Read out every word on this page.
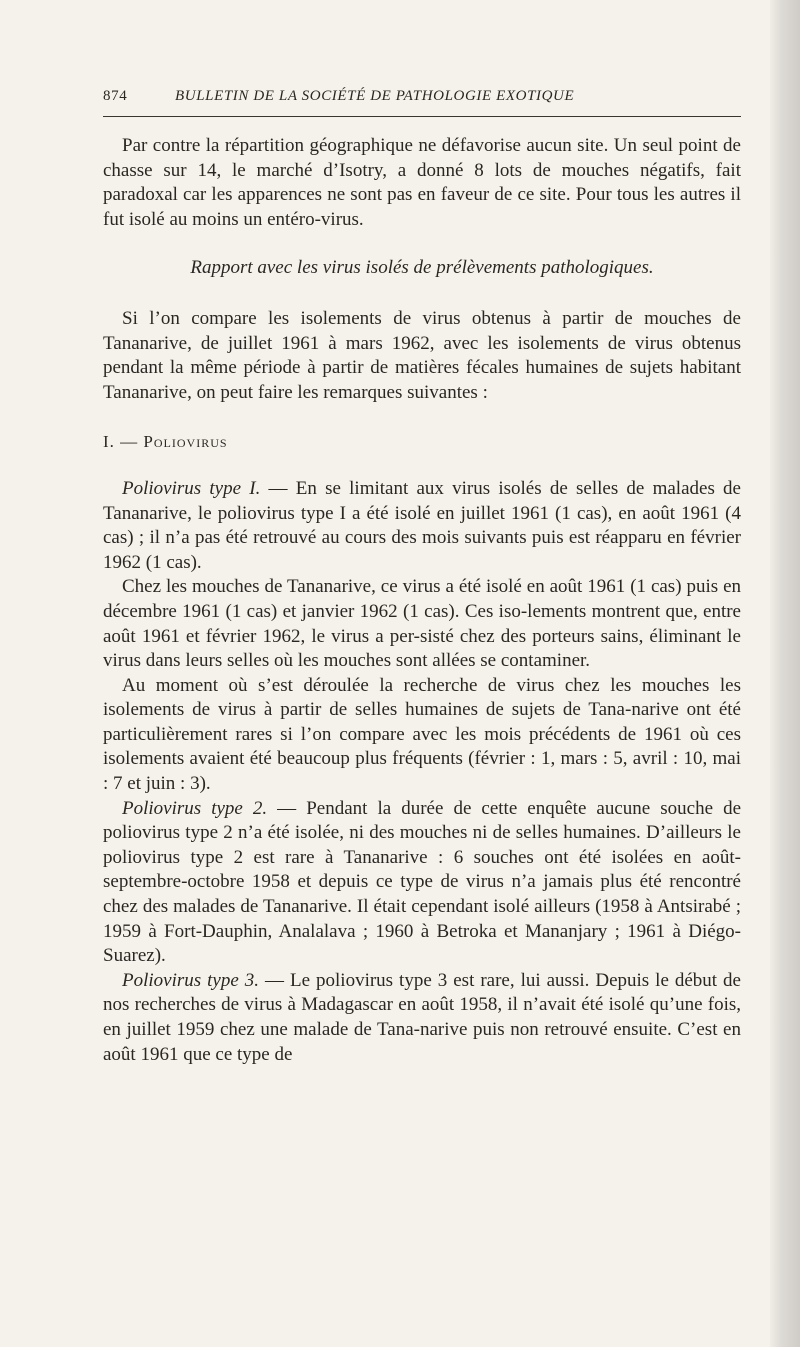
874	BULLETIN DE LA SOCIÉTÉ DE PATHOLOGIE EXOTIQUE

Par contre la répartition géographique ne défavorise aucun site. Un seul point de chasse sur 14, le marché d’Isotry, a donné 8 lots de mouches négatifs, fait paradoxal car les apparences ne sont pas en faveur de ce site. Pour tous les autres il fut isolé au moins un entéro-virus.

Rapport avec les virus isolés de prélèvements pathologiques.

Si l’on compare les isolements de virus obtenus à partir de mouches de Tananarive, de juillet 1961 à mars 1962, avec les isolements de virus obtenus pendant la même période à partir de matières fécales humaines de sujets habitant Tananarive, on peut faire les remarques suivantes :

I. — Poliovirus

Poliovirus type I. — En se limitant aux virus isolés de selles de malades de Tananarive, le poliovirus type I a été isolé en juillet 1961 (1 cas), en août 1961 (4 cas) ; il n’a pas été retrouvé au cours des mois suivants puis est réapparu en février 1962 (1 cas).

Chez les mouches de Tananarive, ce virus a été isolé en août 1961 (1 cas) puis en décembre 1961 (1 cas) et janvier 1962 (1 cas). Ces iso-lements montrent que, entre août 1961 et février 1962, le virus a per-sisté chez des porteurs sains, éliminant le virus dans leurs selles où les mouches sont allées se contaminer.

Au moment où s’est déroulée la recherche de virus chez les mouches les isolements de virus à partir de selles humaines de sujets de Tana-narive ont été particulièrement rares si l’on compare avec les mois précédents de 1961 où ces isolements avaient été beaucoup plus fréquents (février : 1, mars : 5, avril : 10, mai : 7 et juin : 3).

Poliovirus type 2. — Pendant la durée de cette enquête aucune souche de poliovirus type 2 n’a été isolée, ni des mouches ni de selles humaines. D’ailleurs le poliovirus type 2 est rare à Tananarive : 6 souches ont été isolées en août-septembre-octobre 1958 et depuis ce type de virus n’a jamais plus été rencontré chez des malades de Tananarive. Il était cependant isolé ailleurs (1958 à Antsirabé ; 1959 à Fort-Dauphin, Analalava ; 1960 à Betroka et Mananjary ; 1961 à Diégo-Suarez).

Poliovirus type 3. — Le poliovirus type 3 est rare, lui aussi. Depuis le début de nos recherches de virus à Madagascar en août 1958, il n’avait été isolé qu’une fois, en juillet 1959 chez une malade de Tana-narive puis non retrouvé ensuite. C’est en août 1961 que ce type de
